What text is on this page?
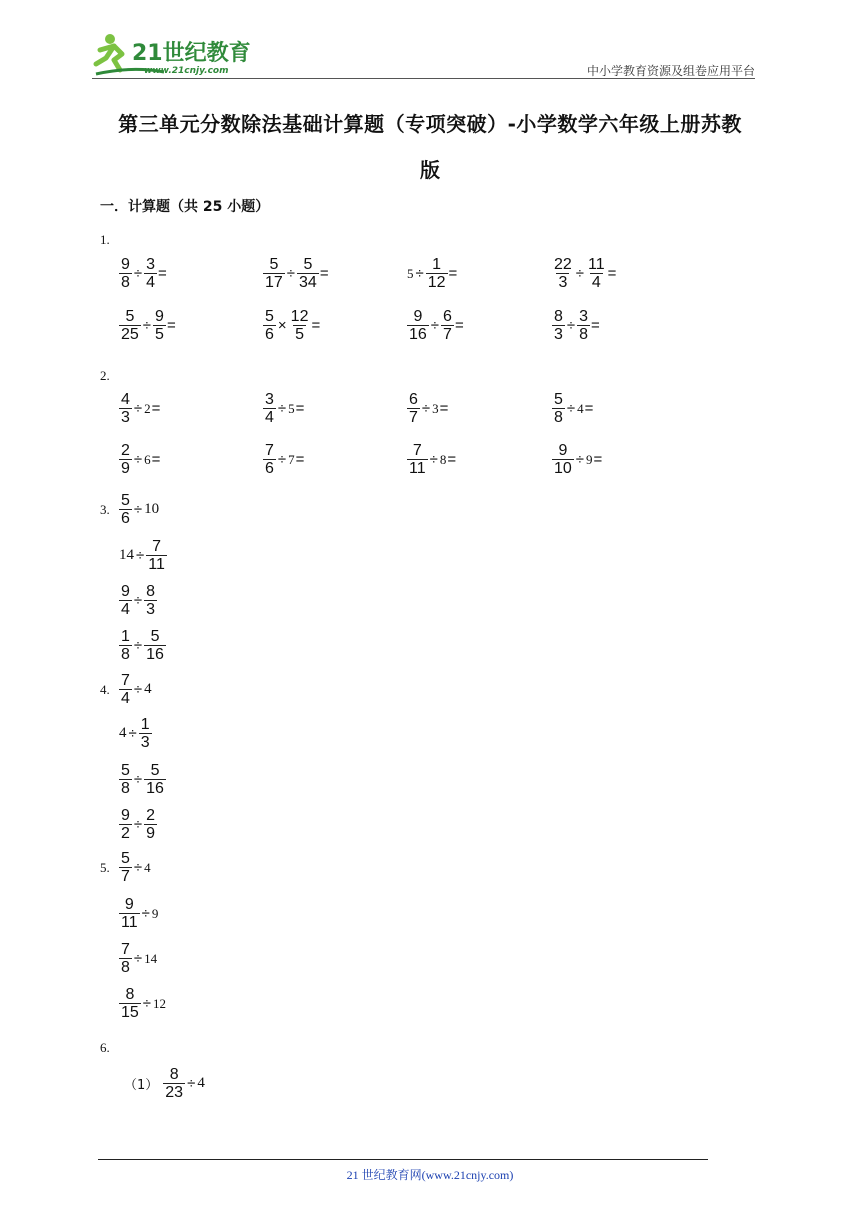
21世纪教育
www.21cnjy.com	中小学教育资源及组卷应用平台
第三单元分数除法基础计算题（专项突破）-小学数学六年级上册苏教
版
一．计算题（共 25 小题）
1.
$\frac{9}{8} \div \frac{3}{4}$ =	$\frac{5}{17} \div \frac{5}{34}$ =	$5 \div \frac{1}{12}$ =	$\frac{22}{3} \div \frac{11}{4}$ =
$\frac{5}{25} \div \frac{9}{5}$ =	$\frac{5}{6} \times \frac{12}{5}$ =	$\frac{9}{16} \div \frac{6}{7}$ =	$\frac{8}{3} \div \frac{3}{8}$ =
2.
$\frac{4}{3} \div 2$ =	$\frac{3}{4} \div 5$ =	$\frac{6}{7} \div 3$ =	$\frac{5}{8} \div 4$ =
$\frac{2}{9} \div 6$ =	$\frac{7}{6} \div 7$ =	$\frac{7}{11} \div 8$ =	$\frac{9}{10} \div 9$ =
3. $\frac{5}{6} \div 10$
$14 \div \frac{7}{11}$
$\frac{9}{4} \div \frac{8}{3}$
$\frac{1}{8} \div \frac{5}{16}$
4. $\frac{7}{4} \div 4$
$4 \div \frac{1}{3}$
$\frac{5}{8} \div \frac{5}{16}$
$\frac{9}{2} \div \frac{2}{9}$
5. $\frac{5}{7} \div 4$
$\frac{9}{11} \div 9$
$\frac{7}{8} \div 14$
$\frac{8}{15} \div 12$
6.
$(1) \frac{8}{23} \div 4$
21 世纪教育网(www.21cnjy.com)
